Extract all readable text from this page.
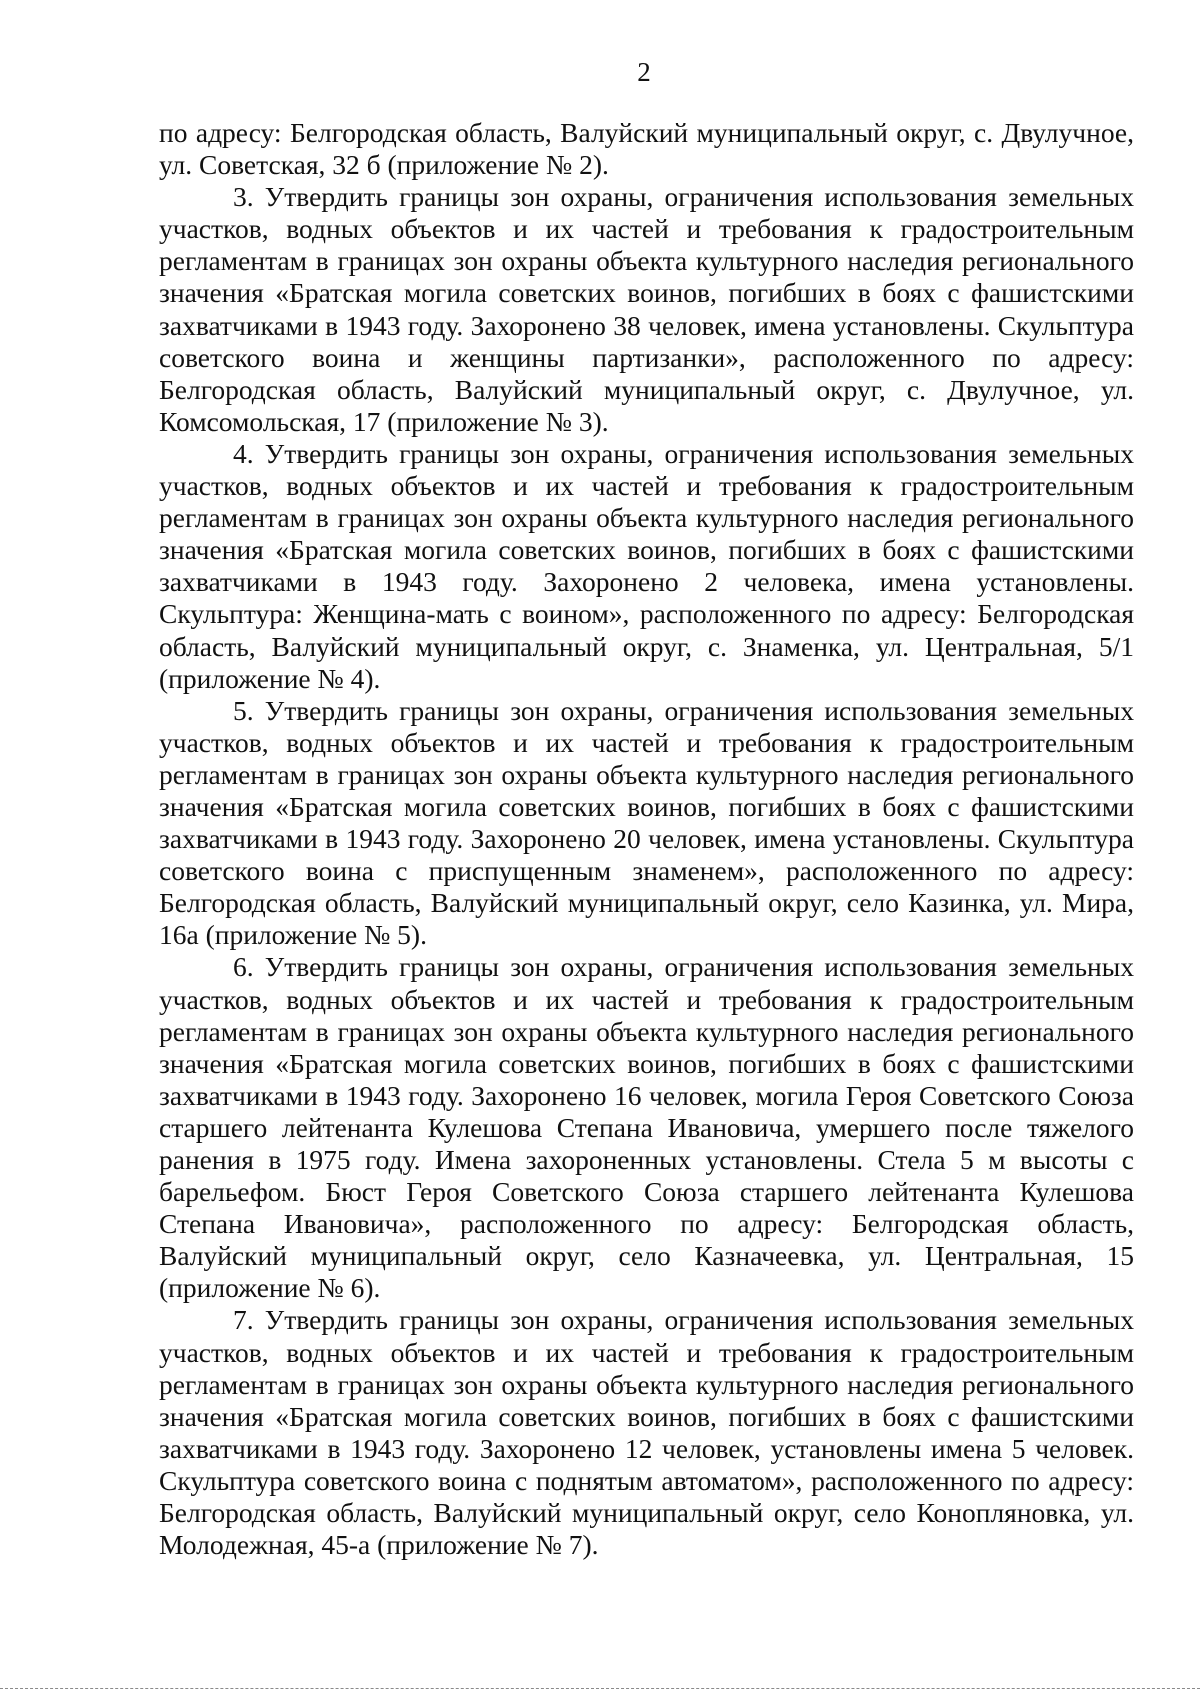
2

по адресу: Белгородская область, Валуйский муниципальный округ, с. Двулучное, ул. Советская, 32 б (приложение № 2).

3. Утвердить границы зон охраны, ограничения использования земельных участков, водных объектов и их частей и требования к градостроительным регламентам в границах зон охраны объекта культурного наследия регионального значения «Братская могила советских воинов, погибших в боях с фашистскими захватчиками в 1943 году. Захоронено 38 человек, имена установлены. Скульптура советского воина и женщины партизанки», расположенного по адресу: Белгородская область, Валуйский муниципальный округ, с. Двулучное, ул. Комсомольская, 17 (приложение № 3).

4. Утвердить границы зон охраны, ограничения использования земельных участков, водных объектов и их частей и требования к градостроительным регламентам в границах зон охраны объекта культурного наследия регионального значения «Братская могила советских воинов, погибших в боях с фашистскими захватчиками в 1943 году. Захоронено 2 человека, имена установлены. Скульптура: Женщина-мать с воином», расположенного по адресу: Белгородская область, Валуйский муниципальный округ, с. Знаменка, ул. Центральная, 5/1 (приложение № 4).

5. Утвердить границы зон охраны, ограничения использования земельных участков, водных объектов и их частей и требования к градостроительным регламентам в границах зон охраны объекта культурного наследия регионального значения «Братская могила советских воинов, погибших в боях с фашистскими захватчиками в 1943 году. Захоронено 20 человек, имена установлены. Скульптура советского воина с приспущенным знаменем», расположенного по адресу: Белгородская область, Валуйский муниципальный округ, село Казинка, ул. Мира, 16а (приложение № 5).

6. Утвердить границы зон охраны, ограничения использования земельных участков, водных объектов и их частей и требования к градостроительным регламентам в границах зон охраны объекта культурного наследия регионального значения «Братская могила советских воинов, погибших в боях с фашистскими захватчиками в 1943 году. Захоронено 16 человек, могила Героя Советского Союза старшего лейтенанта Кулешова Степана Ивановича, умершего после тяжелого ранения в 1975 году. Имена захороненных установлены. Стела 5 м высоты с барельефом. Бюст Героя Советского Союза старшего лейтенанта Кулешова Степана Ивановича», расположенного по адресу: Белгородская область, Валуйский муниципальный округ, село Казначеевка, ул. Центральная, 15 (приложение № 6).

7. Утвердить границы зон охраны, ограничения использования земельных участков, водных объектов и их частей и требования к градостроительным регламентам в границах зон охраны объекта культурного наследия регионального значения «Братская могила советских воинов, погибших в боях с фашистскими захватчиками в 1943 году. Захоронено 12 человек, установлены имена 5 человек. Скульптура советского воина с поднятым автоматом», расположенного по адресу: Белгородская область, Валуйский муниципальный округ, село Конопляновка, ул. Молодежная, 45-а (приложение № 7).
